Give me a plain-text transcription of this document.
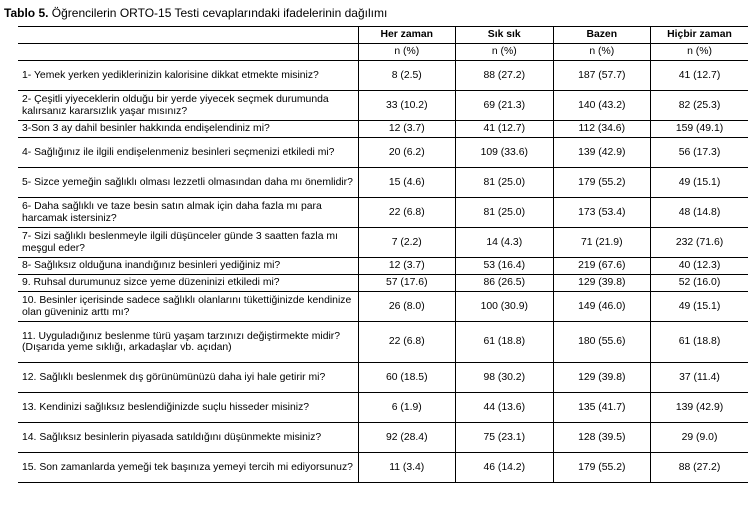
Tablo 5. Öğrencilerin ORTO-15 Testi cevaplarındaki ifadelerinin dağılımı
	Her zaman	Sık sık	Bazen	Hiçbir zaman
	n (%)	n (%)	n (%)	n (%)
1- Yemek yerken yediklerinizin kalorisine dikkat etmekte misiniz?	8 (2.5)	88 (27.2)	187 (57.7)	41 (12.7)
2- Çeşitli yiyeceklerin olduğu bir yerde yiyecek seçmek durumunda kalırsanız kararsızlık yaşar mısınız?	33 (10.2)	69 (21.3)	140 (43.2)	82 (25.3)
3-Son 3 ay dahil besinler hakkında endişelendiniz mi?	12 (3.7)	41 (12.7)	112 (34.6)	159 (49.1)
4- Sağlığınız ile ilgili endişelenmeniz besinleri seçmenizi etkiledi mi?	20 (6.2)	109 (33.6)	139 (42.9)	56 (17.3)
5- Sizce yemeğin sağlıklı olması lezzetli olmasından daha mı önemlidir?	15 (4.6)	81 (25.0)	179 (55.2)	49 (15.1)
6- Daha sağlıklı ve taze besin satın almak için daha fazla mı para harcamak istersiniz?	22 (6.8)	81 (25.0)	173 (53.4)	48 (14.8)
7- Sizi sağlıklı beslenmeyle ilgili düşünceler günde 3 saatten fazla mı meşgul eder?	7 (2.2)	14 (4.3)	71 (21.9)	232 (71.6)
8- Sağlıksız olduğuna inandığınız besinleri yediğiniz mi?	12 (3.7)	53 (16.4)	219 (67.6)	40 (12.3)
9. Ruhsal durumunuz sizce yeme düzeninizi etkiledi mi?	57 (17.6)	86 (26.5)	129 (39.8)	52 (16.0)
10. Besinler içerisinde sadece sağlıklı olanlarını tükettiğinizde kendinize olan güveniniz arttı mı?	26 (8.0)	100 (30.9)	149 (46.0)	49 (15.1)
11. Uyguladığınız beslenme türü yaşam tarzınızı değiştirmekte midir? (Dışarıda yeme sıklığı, arkadaşlar vb. açıdan)	22 (6.8)	61 (18.8)	180 (55.6)	61 (18.8)
12. Sağlıklı beslenmek dış görünümünüzü daha iyi hale getirir mi?	60 (18.5)	98 (30.2)	129 (39.8)	37 (11.4)
13. Kendinizi sağlıksız beslendiğinizde suçlu hisseder misiniz?	6 (1.9)	44 (13.6)	135 (41.7)	139 (42.9)
14. Sağlıksız besinlerin piyasada satıldığını düşünmekte misiniz?	92 (28.4)	75 (23.1)	128 (39.5)	29 (9.0)
15. Son zamanlarda yemeği tek başınıza yemeyi tercih mi ediyorsunuz?	11 (3.4)	46 (14.2)	179 (55.2)	88 (27.2)
